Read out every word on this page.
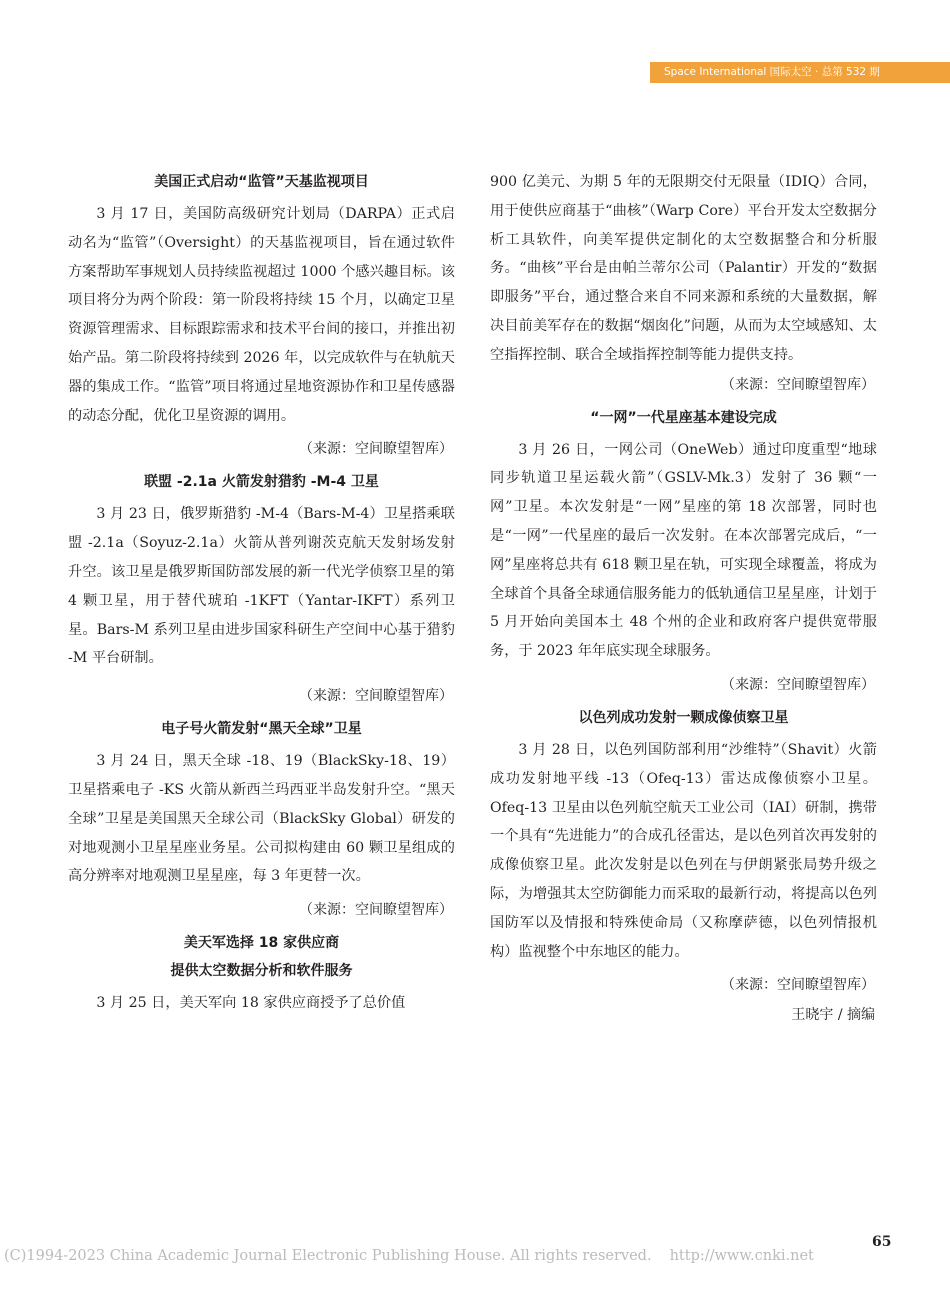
Space International 国际太空 · 总第 532 期
美国正式启动“监管”天基监视项目

3 月 17 日，美国防高级研究计划局（DARPA）正式启动名为“监管”（Oversight）的天基监视项目，旨在通过软件方案帮助军事规划人员持续监视超过 1000 个感兴趣目标。该项目将分为两个阶段：第一阶段将持续 15 个月，以确定卫星资源管理需求、目标跟踪需求和技术平台间的接口，并推出初始产品。第二阶段将持续到 2026 年，以完成软件与在轨航天器的集成工作。“监管”项目将通过星地资源协作和卫星传感器的动态分配，优化卫星资源的调用。

（来源：空间瞭望智库）

联盟 -2.1a 火箭发射猎豹 -M-4 卫星

3 月 23 日，俄罗斯猎豹 -M-4（Bars-M-4）卫星搭乘联盟 -2.1a（Soyuz-2.1a）火箭从普列谢茨克航天发射场发射升空。该卫星是俄罗斯国防部发展的新一代光学侦察卫星的第 4 颗卫星，用于替代琥珀 -1KFT（Yantar-IKFT）系列卫星。Bars-M 系列卫星由进步国家科研生产空间中心基于猎豹 -M 平台研制。

（来源：空间瞭望智库）

电子号火箭发射“黑天全球”卫星

3 月 24 日，黑天全球 -18、19（BlackSky-18、19）卫星搭乘电子 -KS 火箭从新西兰玛西亚半岛发射升空。“黑天全球”卫星是美国黑天全球公司（BlackSky Global）研发的对地观测小卫星星座业务星。公司拟构建由 60 颗卫星组成的高分辨率对地观测卫星星座，每 3 年更替一次。

（来源：空间瞭望智库）

美天军选择 18 家供应商
提供太空数据分析和软件服务

3 月 25 日，美天军向 18 家供应商授予了总价值

900 亿美元、为期 5 年的无限期交付无限量（IDIQ）合同，用于使供应商基于“曲核”（Warp Core）平台开发太空数据分析工具软件，向美军提供定制化的太空数据整合和分析服务。“曲核”平台是由帕兰蒂尔公司（Palantir）开发的“数据即服务”平台，通过整合来自不同来源和系统的大量数据，解决目前美军存在的数据“烟囱化”问题，从而为太空域感知、太空指挥控制、联合全域指挥控制等能力提供支持。

（来源：空间瞭望智库）

“一网”一代星座基本建设完成

3 月 26 日，一网公司（OneWeb）通过印度重型“地球同步轨道卫星运载火箭”（GSLV-Mk.3）发射了 36 颗“一网”卫星。本次发射是“一网”星座的第 18 次部署，同时也是“一网”一代星座的最后一次发射。在本次部署完成后，“一网”星座将总共有 618 颗卫星在轨，可实现全球覆盖，将成为全球首个具备全球通信服务能力的低轨通信卫星星座，计划于 5 月开始向美国本土 48 个州的企业和政府客户提供宽带服务，于 2023 年年底实现全球服务。

（来源：空间瞭望智库）

以色列成功发射一颗成像侦察卫星

3 月 28 日，以色列国防部利用“沙维特”（Shavit）火箭成功发射地平线 -13（Ofeq-13）雷达成像侦察小卫星。Ofeq-13 卫星由以色列航空航天工业公司（IAI）研制，携带一个具有“先进能力”的合成孔径雷达，是以色列首次再发射的成像侦察卫星。此次发射是以色列在与伊朗紧张局势升级之际，为增强其太空防御能力而采取的最新行动，将提高以色列国防军以及情报和特殊使命局（又称摩萨德，以色列情报机构）监视整个中东地区的能力。

（来源：空间瞭望智库）

王晓宇 / 摘编

65
(C)1994-2023 China Academic Journal Electronic Publishing House. All rights reserved. http://www.cnki.net
